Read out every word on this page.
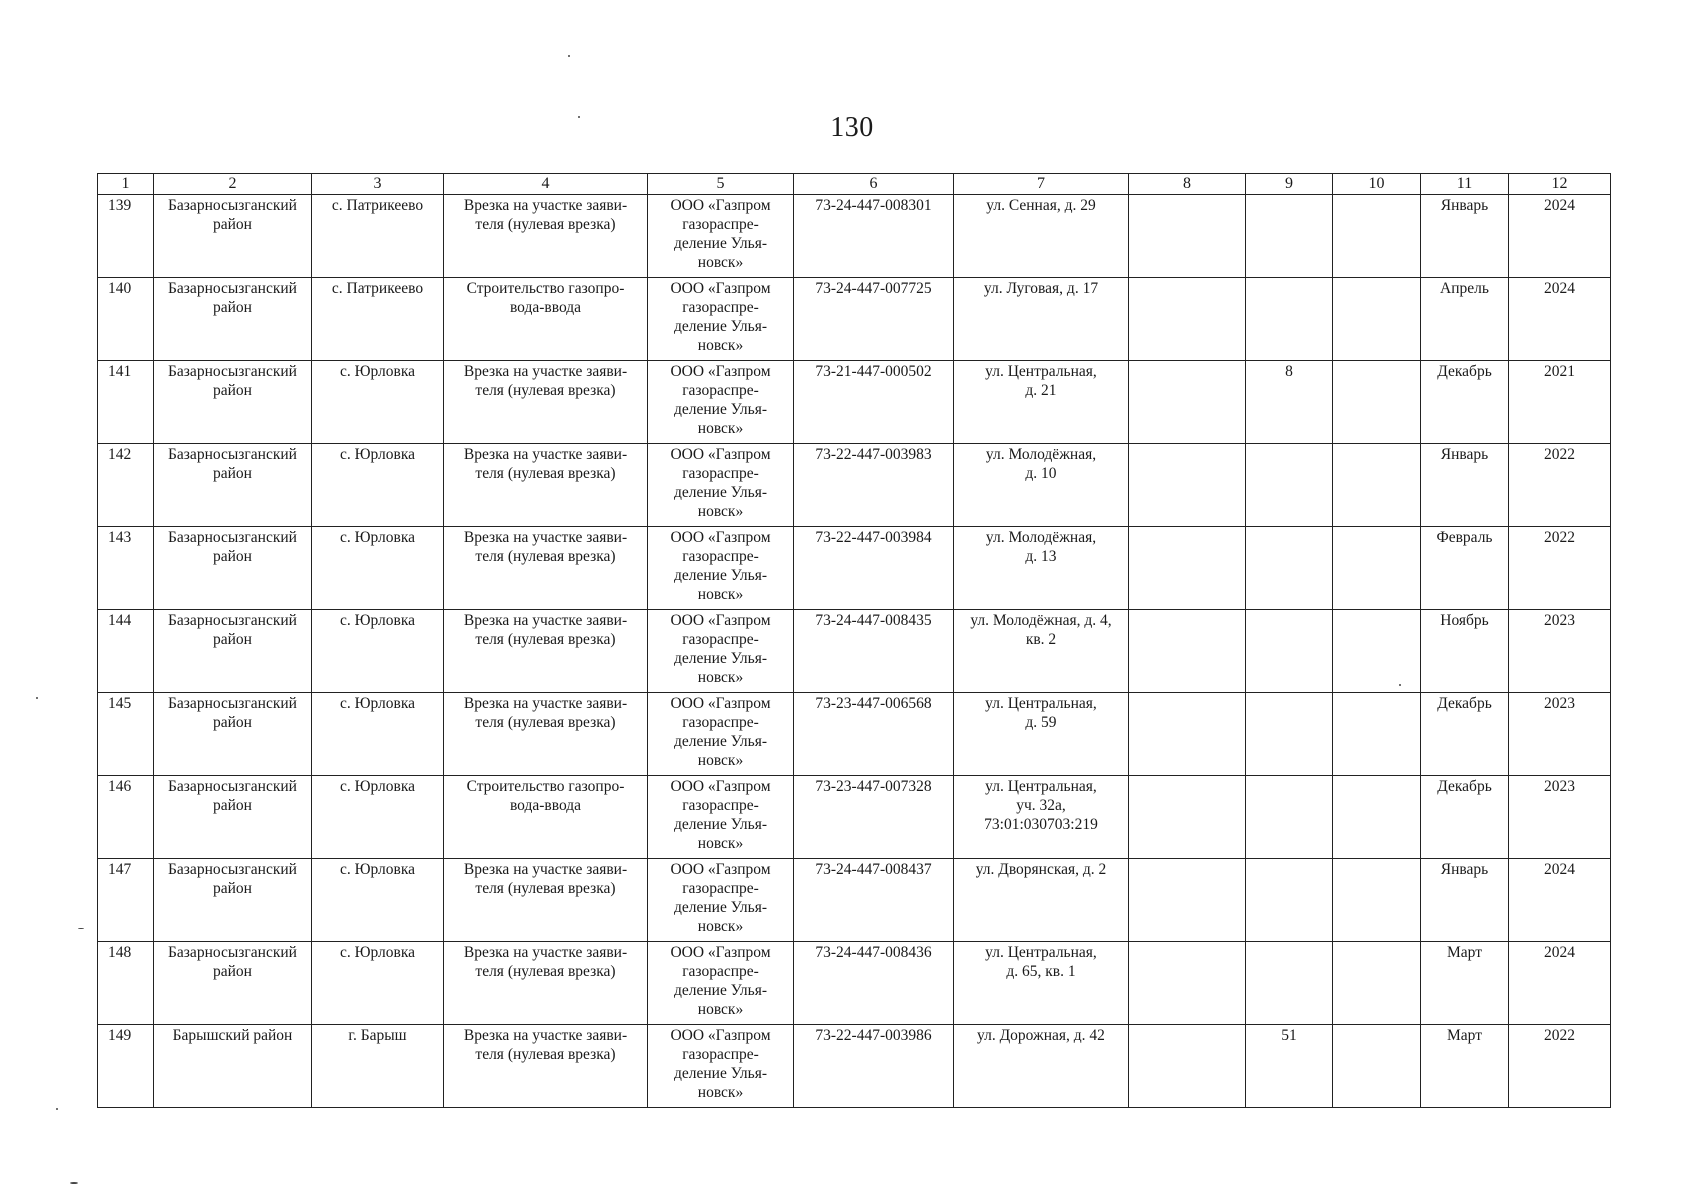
130
1	2	3	4	5	6	7	8	9	10	11	12
139	Базарносызганский
район	с. Патрикеево	Врезка на участке заяви-
теля (нулевая врезка)	ООО «Газпром
газораспре-
деление Улья-
новск»	73-24-447-008301	ул. Сенная, д. 29				Январь	2024
140	Базарносызганский
район	с. Патрикеево	Строительство газопро-
вода-ввода	ООО «Газпром
газораспре-
деление Улья-
новск»	73-24-447-007725	ул. Луговая, д. 17				Апрель	2024
141	Базарносызганский
район	с. Юрловка	Врезка на участке заяви-
теля (нулевая врезка)	ООО «Газпром
газораспре-
деление Улья-
новск»	73-21-447-000502	ул. Центральная,
д. 21		8		Декабрь	2021
142	Базарносызганский
район	с. Юрловка	Врезка на участке заяви-
теля (нулевая врезка)	ООО «Газпром
газораспре-
деление Улья-
новск»	73-22-447-003983	ул. Молодёжная,
д. 10				Январь	2022
143	Базарносызганский
район	с. Юрловка	Врезка на участке заяви-
теля (нулевая врезка)	ООО «Газпром
газораспре-
деление Улья-
новск»	73-22-447-003984	ул. Молодёжная,
д. 13				Февраль	2022
144	Базарносызганский
район	с. Юрловка	Врезка на участке заяви-
теля (нулевая врезка)	ООО «Газпром
газораспре-
деление Улья-
новск»	73-24-447-008435	ул. Молодёжная, д. 4,
кв. 2				Ноябрь	2023
145	Базарносызганский
район	с. Юрловка	Врезка на участке заяви-
теля (нулевая врезка)	ООО «Газпром
газораспре-
деление Улья-
новск»	73-23-447-006568	ул. Центральная,
д. 59				Декабрь	2023
146	Базарносызганский
район	с. Юрловка	Строительство газопро-
вода-ввода	ООО «Газпром
газораспре-
деление Улья-
новск»	73-23-447-007328	ул. Центральная,
уч. 32а,
73:01:030703:219				Декабрь	2023
147	Базарносызганский
район	с. Юрловка	Врезка на участке заяви-
теля (нулевая врезка)	ООО «Газпром
газораспре-
деление Улья-
новск»	73-24-447-008437	ул. Дворянская, д. 2				Январь	2024
148	Базарносызганский
район	с. Юрловка	Врезка на участке заяви-
теля (нулевая врезка)	ООО «Газпром
газораспре-
деление Улья-
новск»	73-24-447-008436	ул. Центральная,
д. 65, кв. 1				Март	2024
149	Барышский район	г. Барыш	Врезка на участке заяви-
теля (нулевая врезка)	ООО «Газпром
газораспре-
деление Улья-
новск»	73-22-447-003986	ул. Дорожная, д. 42		51		Март	2022
